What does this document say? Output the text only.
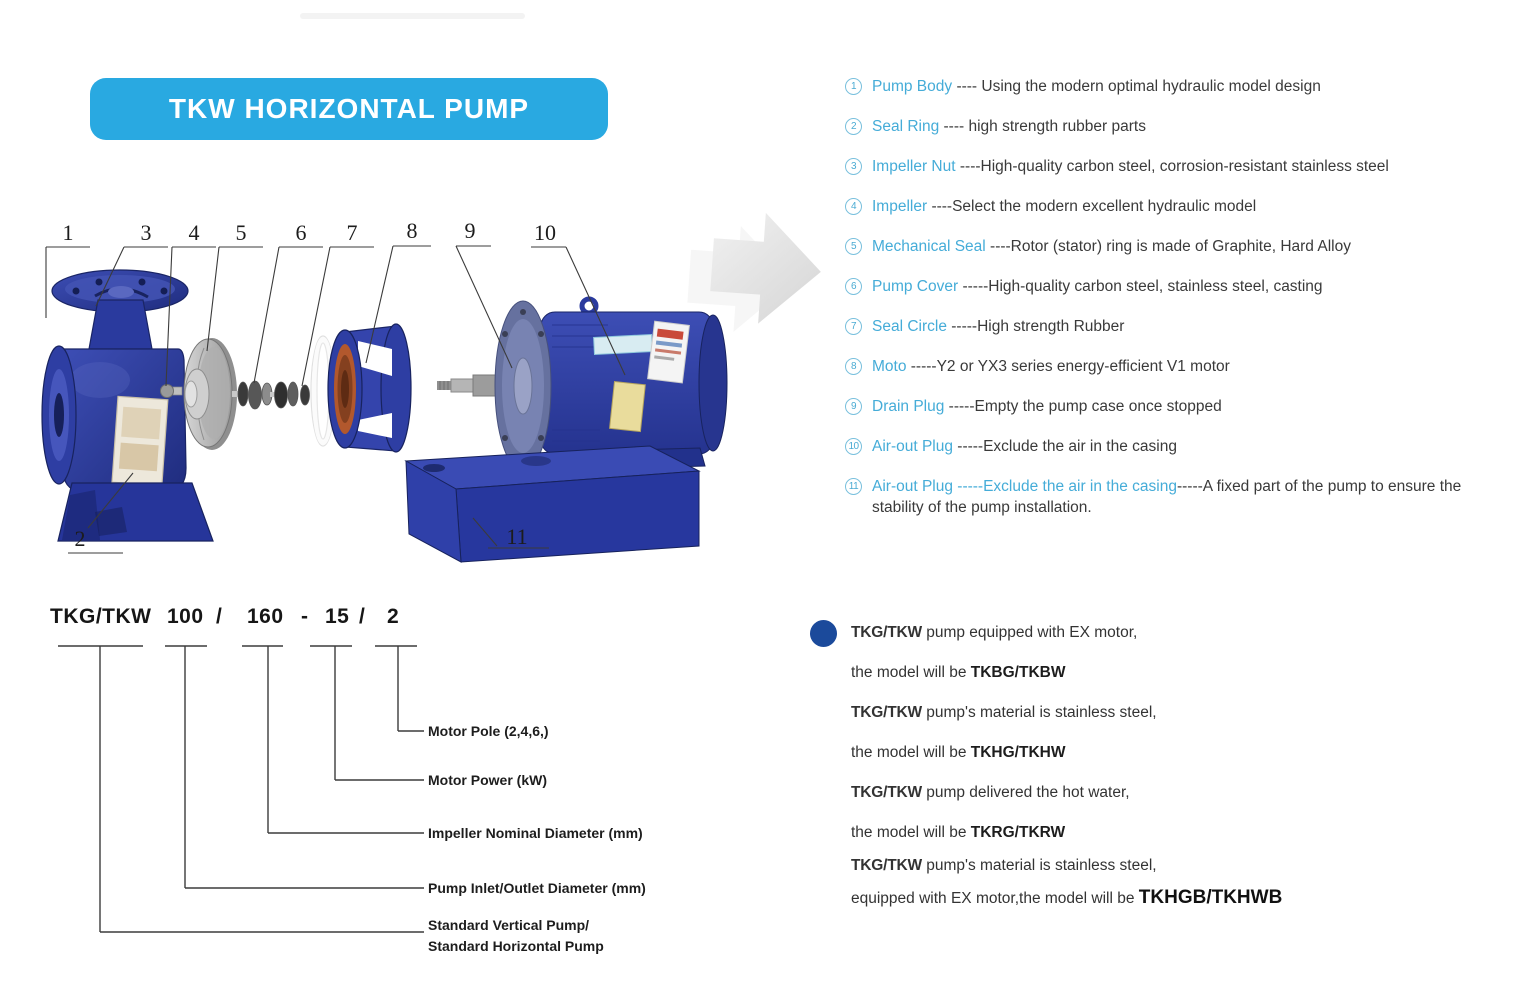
TKW HORIZONTAL PUMP
1	3 4 5 6 7 8 9	10
2	11
1	Pump Body ---- Using the modern optimal hydraulic model design
2	Seal Ring ---- high strength rubber parts
3	Impeller Nut ----High-quality carbon steel, corrosion-resistant stainless steel
4	Impeller ----Select the modern excellent hydraulic model
5	Mechanical Seal ----Rotor (stator) ring is made of Graphite, Hard Alloy
6	Pump Cover -----High-quality carbon steel, stainless steel, casting
7	Seal Circle -----High strength Rubber
8	Moto -----Y2 or YX3 series energy-efficient V1 motor
9	Drain Plug -----Empty the pump case once stopped
10 Air-out Plug -----Exclude the air in the casing
11 Air-out Plug -----Exclude the air in the casing-----A fixed part of the pump to ensure the stability of the pump installation.
TKG/TKW 100 / 160 - 15 / 2
Motor Pole (2,4,6,)
Motor Power (kW)
Impeller Nominal Diameter (mm)
Pump Inlet/Outlet Diameter (mm)
Standard Vertical Pump/
Standard Horizontal Pump
TKG/TKW pump equipped with EX motor,
the model will be TKBG/TKBW
TKG/TKW pump's material is stainless steel,
the model will be TKHG/TKHW
TKG/TKW pump delivered the hot water,
the model will be TKRG/TKRW
TKG/TKW pump's material is stainless steel,
equipped with EX motor,the model will be TKHGB/TKHWB
